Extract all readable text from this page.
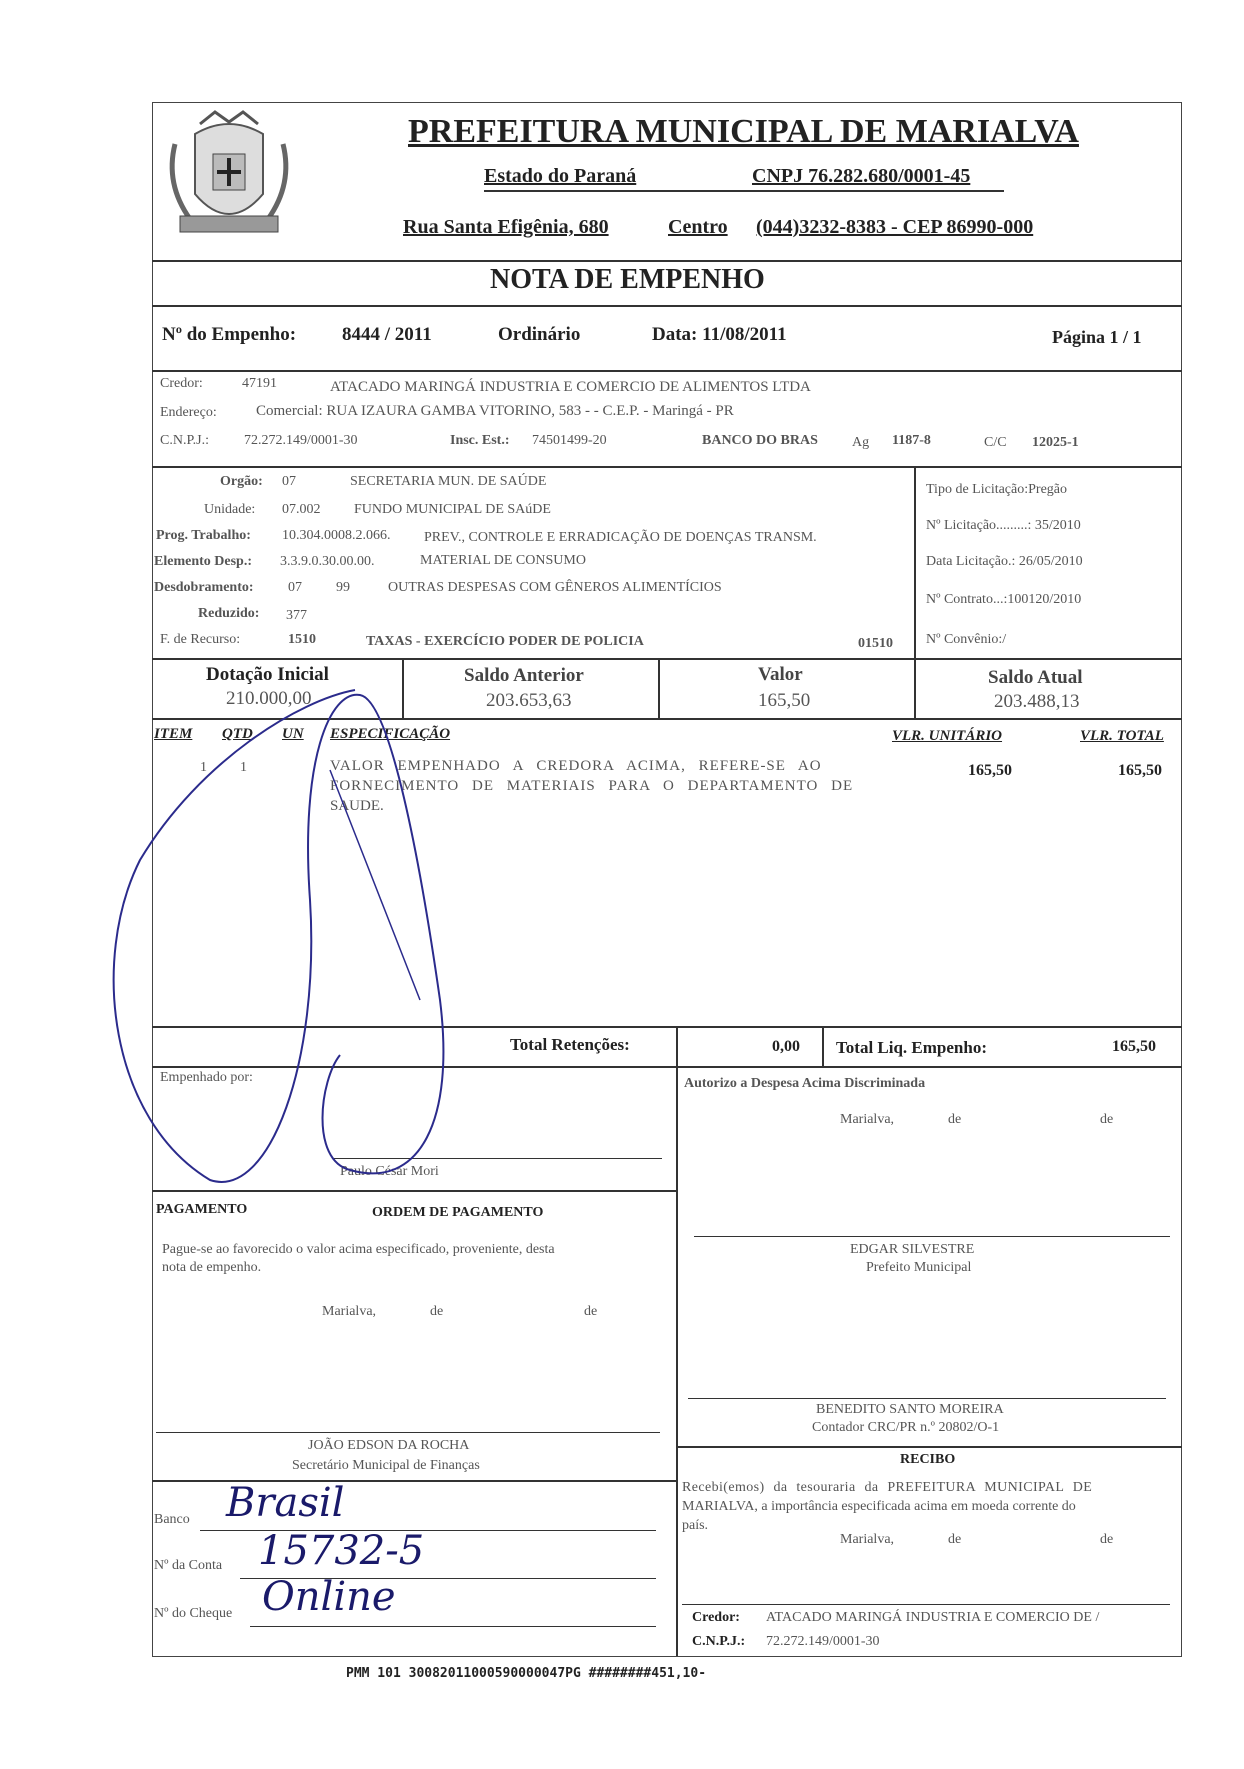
PREFEITURA MUNICIPAL DE MARIALVA
Estado do Paraná	CNPJ 76.282.680/0001-45
Rua Santa Efigênia, 680	Centro (044)3232-8383 - CEP 86990-000
NOTA DE EMPENHO
Nº do Empenho: 8444 / 2011	Ordinário	Data: 11/08/2011	Página 1 / 1
Credor:	47191	ATACADO MARINGÁ INDUSTRIA E COMERCIO DE ALIMENTOS LTDA
Endereço:	Comercial: RUA IZAURA GAMBA VITORINO, 583 - - C.E.P. - Maringá - PR
C.N.P.J.: 72.272.149/0001-30	Insc. Est.: 74501499-20	BANCO DO BRAS Ag 1187-8	C/C 12025-1
Orgão: 07	SECRETARIA MUN. DE SAÚDE
Unidade: 07.002 FUNDO MUNICIPAL DE SAúDE
Prog. Trabalho: 10.304.0008.2.066. PREV., CONTROLE E ERRADICAÇÃO DE DOENÇAS TRANSM.
Elemento Desp.: 3.3.9.0.30.00.00.	MATERIAL DE CONSUMO
Desdobramento: 07 99	OUTRAS DESPESAS COM GÊNEROS ALIMENTÍCIOS
Reduzido: 377
F. de Recurso:	1510	TAXAS - EXERCÍCIO PODER DE POLICIA	01510
Tipo de Licitação:Pregão
Nº Licitação.........: 35/2010
Data Licitação.: 26/05/2010
Nº Contrato...:100120/2010
Nº Convênio:/
Dotação Inicial
210.000,00
Saldo Anterior
203.653,63
Valor
165,50
Saldo Atual
203.488,13
ITEM QTD UN ESPECIFICAÇÃO	VLR. UNITÁRIO	VLR. TOTAL
1 1	VALOR EMPENHADO A CREDORA ACIMA, REFERE-SE AO
FORNECIMENTO DE MATERIAIS PARA O DEPARTAMENTO DE
SAUDE.
165,50	165,50
Total Retenções:	0,00 Total Liq. Empenho:	165,50
Empenhado por:
Paulo César Mori
Autorizo a Despesa Acima Discriminada
Marialva,	de	de
EDGAR SILVESTRE
Prefeito Municipal
BENEDITO SANTO MOREIRA
Contador CRC/PR n.º 20802/O-1
PAGAMENTO	ORDEM DE PAGAMENTO
Pague-se ao favorecido o valor acima especificado, proveniente, desta
nota de empenho.
Marialva,	de	de
JOÃO EDSON DA ROCHA
Secretário Municipal de Finanças
Banco Brasil
Nº da Conta 15732-5
Nº do Cheque Online
RECIBO
Recebi(emos) da tesouraria da PREFEITURA MUNICIPAL DE
MARIALVA, a importância especificada acima em moeda corrente do
país.
Marialva,	de	de
Credor: ATACADO MARINGÁ INDUSTRIA E COMERCIO DE /
C.N.P.J.: 72.272.149/0001-30
PMM 101 30082011000590000047PG ########451,10-
